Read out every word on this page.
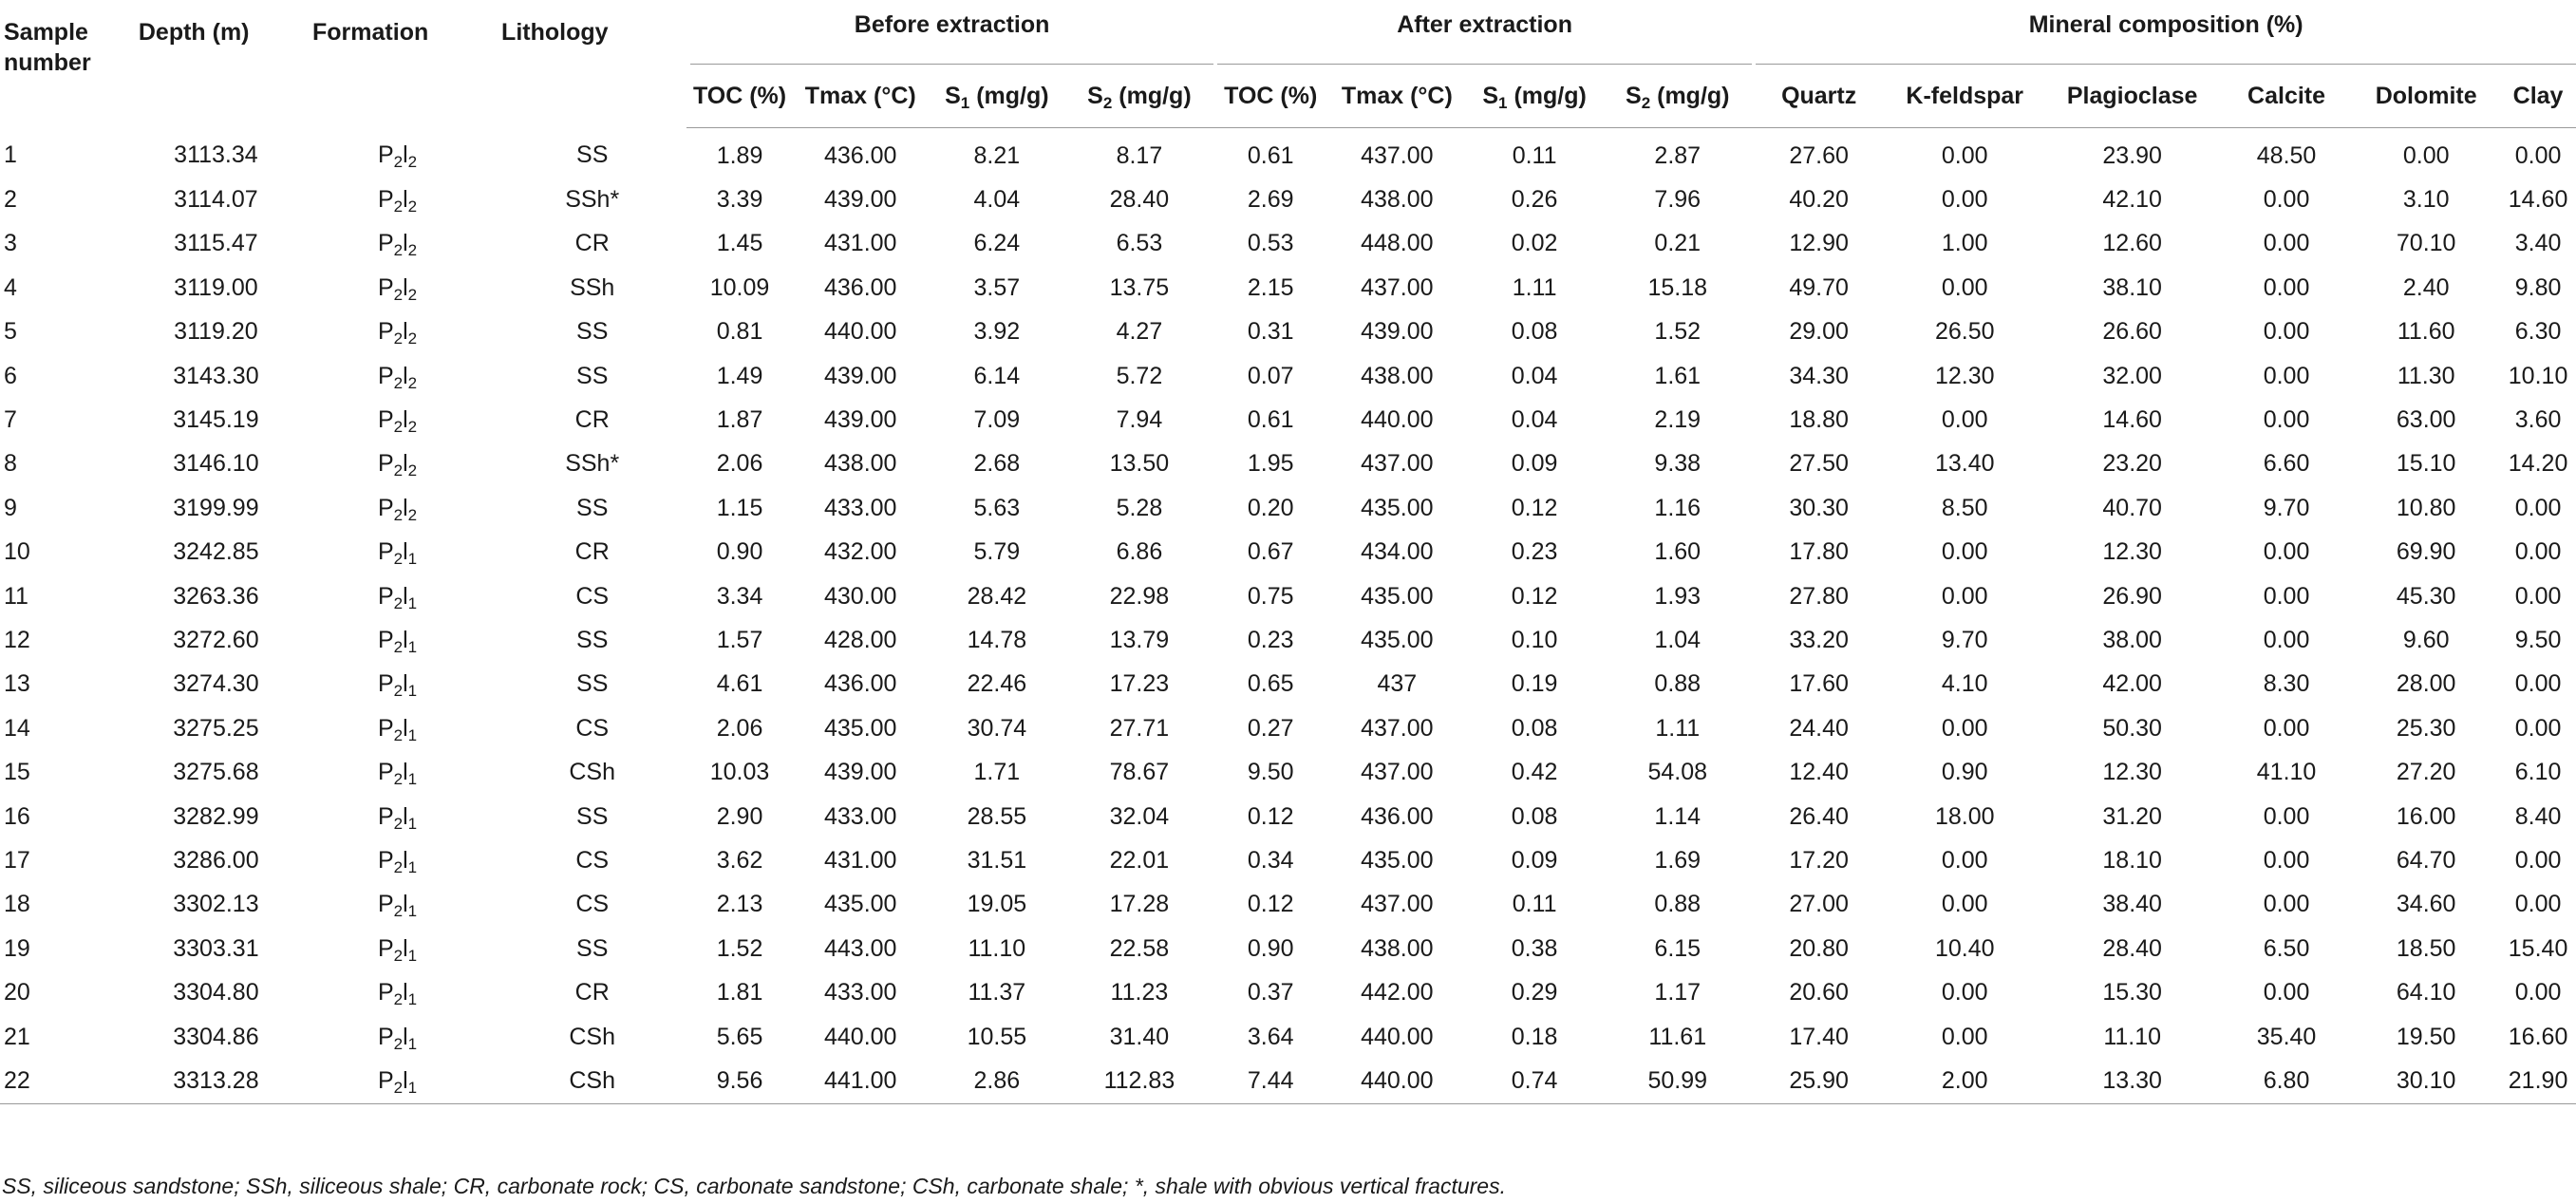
Sample number	Depth (m)	Formation	Lithology	Before extraction				After extraction				Mineral composition (%)					

				TOC (%)	Tmax (°C)	$S_1$ (mg/g)	$S_2$ (mg/g)	TOC (%)	Tmax (°C)	$S_1$ (mg/g)	$S_2$ (mg/g)	Quartz	K-feldspar	Plagioclase	Calcite	Dolomite	Clay
1	3113.34	$P_2l_2$	SS	1.89	436.00	8.21	8.17	0.61	437.00	0.11	2.87	27.60	0.00	23.90	48.50	0.00	0.00
2	3114.07	$P_2l_2$	SSh*	3.39	439.00	4.04	28.40	2.69	438.00	0.26	7.96	40.20	0.00	42.10	0.00	3.10	14.60
3	3115.47	$P_2l_2$	CR	1.45	431.00	6.24	6.53	0.53	448.00	0.02	0.21	12.90	1.00	12.60	0.00	70.10	3.40
4	3119.00	$P_2l_2$	SSh	10.09	436.00	3.57	13.75	2.15	437.00	1.11	15.18	49.70	0.00	38.10	0.00	2.40	9.80
5	3119.20	$P_2l_2$	SS	0.81	440.00	3.92	4.27	0.31	439.00	0.08	1.52	29.00	26.50	26.60	0.00	11.60	6.30
6	3143.30	$P_2l_2$	SS	1.49	439.00	6.14	5.72	0.07	438.00	0.04	1.61	34.30	12.30	32.00	0.00	11.30	10.10
7	3145.19	$P_2l_2$	CR	1.87	439.00	7.09	7.94	0.61	440.00	0.04	2.19	18.80	0.00	14.60	0.00	63.00	3.60
8	3146.10	$P_2l_2$	SSh*	2.06	438.00	2.68	13.50	1.95	437.00	0.09	9.38	27.50	13.40	23.20	6.60	15.10	14.20
9	3199.99	$P_2l_2$	SS	1.15	433.00	5.63	5.28	0.20	435.00	0.12	1.16	30.30	8.50	40.70	9.70	10.80	0.00
10	3242.85	$P_2l_1$	CR	0.90	432.00	5.79	6.86	0.67	434.00	0.23	1.60	17.80	0.00	12.30	0.00	69.90	0.00
11	3263.36	$P_2l_1$	CS	3.34	430.00	28.42	22.98	0.75	435.00	0.12	1.93	27.80	0.00	26.90	0.00	45.30	0.00
12	3272.60	$P_2l_1$	SS	1.57	428.00	14.78	13.79	0.23	435.00	0.10	1.04	33.20	9.70	38.00	0.00	9.60	9.50
13	3274.30	$P_2l_1$	SS	4.61	436.00	22.46	17.23	0.65	437	0.19	0.88	17.60	4.10	42.00	8.30	28.00	0.00
14	3275.25	$P_2l_1$	CS	2.06	435.00	30.74	27.71	0.27	437.00	0.08	1.11	24.40	0.00	50.30	0.00	25.30	0.00
15	3275.68	$P_2l_1$	CSh	10.03	439.00	1.71	78.67	9.50	437.00	0.42	54.08	12.40	0.90	12.30	41.10	27.20	6.10
16	3282.99	$P_2l_1$	SS	2.90	433.00	28.55	32.04	0.12	436.00	0.08	1.14	26.40	18.00	31.20	0.00	16.00	8.40
17	3286.00	$P_2l_1$	CS	3.62	431.00	31.51	22.01	0.34	435.00	0.09	1.69	17.20	0.00	18.10	0.00	64.70	0.00
18	3302.13	$P_2l_1$	CS	2.13	435.00	19.05	17.28	0.12	437.00	0.11	0.88	27.00	0.00	38.40	0.00	34.60	0.00
19	3303.31	$P_2l_1$	SS	1.52	443.00	11.10	22.58	0.90	438.00	0.38	6.15	20.80	10.40	28.40	6.50	18.50	15.40
20	3304.80	$P_2l_1$	CR	1.81	433.00	11.37	11.23	0.37	442.00	0.29	1.17	20.60	0.00	15.30	0.00	64.10	0.00
21	3304.86	$P_2l_1$	CSh	5.65	440.00	10.55	31.40	3.64	440.00	0.18	11.61	17.40	0.00	11.10	35.40	19.50	16.60
22	3313.28	$P_2l_1$	CSh	9.56	441.00	2.86	112.83	7.44	440.00	0.74	50.99	25.90	2.00	13.30	6.80	30.10	21.90
SS, siliceous sandstone; SSh, siliceous shale; CR, carbonate rock; CS, carbonate sandstone; CSh, carbonate shale; *, shale with obvious vertical fractures.
